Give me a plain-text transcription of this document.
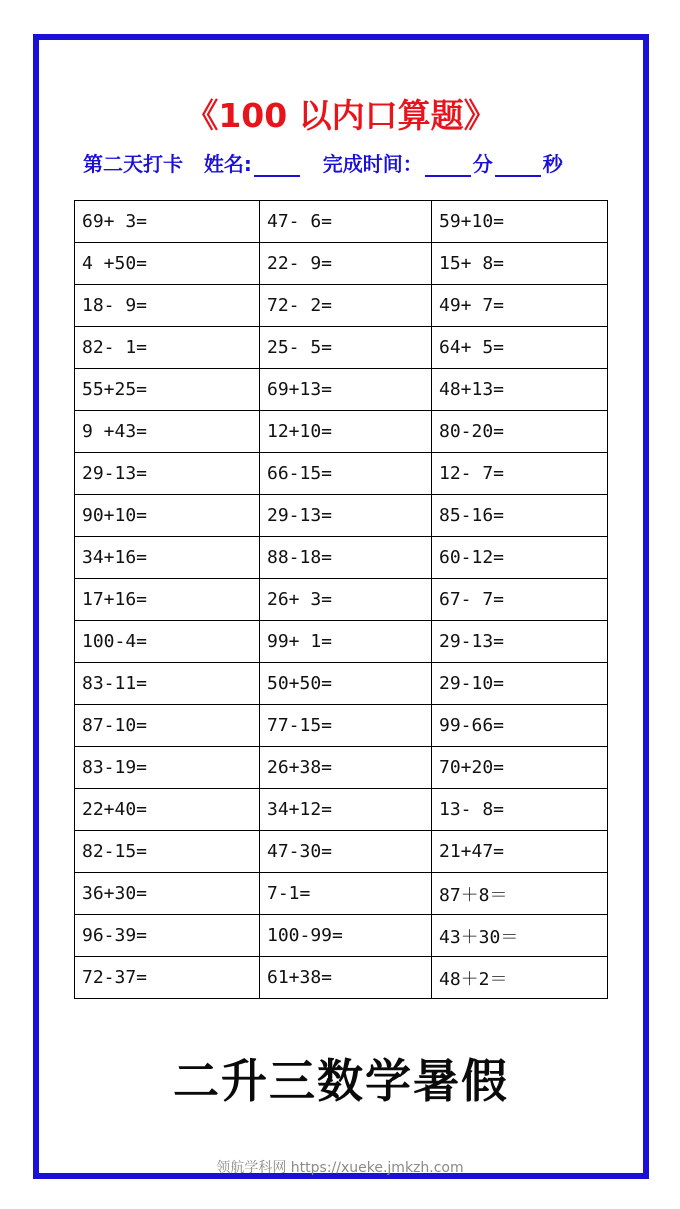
《100 以内口算题》
第二天打卡 姓名:	完成时间：	分	秒
69+ 3=	47- 6=	59+10=
4 +50=	22- 9=	15+ 8=
18- 9=	72- 2=	49+ 7=
82- 1=	25- 5=	64+ 5=
55+25=	69+13=	48+13=
9 +43=	12+10=	80-20=
29-13=	66-15=	12- 7=
90+10=	29-13=	85-16=
34+16=	88-18=	60-12=
17+16=	26+ 3=	67- 7=
100-4=	99+ 1=	29-13=
83-11=	50+50=	29-10=
87-10=	77-15=	99-66=
83-19=	26+38=	70+20=
22+40=	34+12=	13- 8=
82-15=	47-30=	21+47=
36+30=	7-1=	87＋8＝
96-39=	100-99=	43＋30＝
72-37=	61+38=	48＋2＝
二升三数学暑假
领航学科网 https://xueke.jmkzh.com
